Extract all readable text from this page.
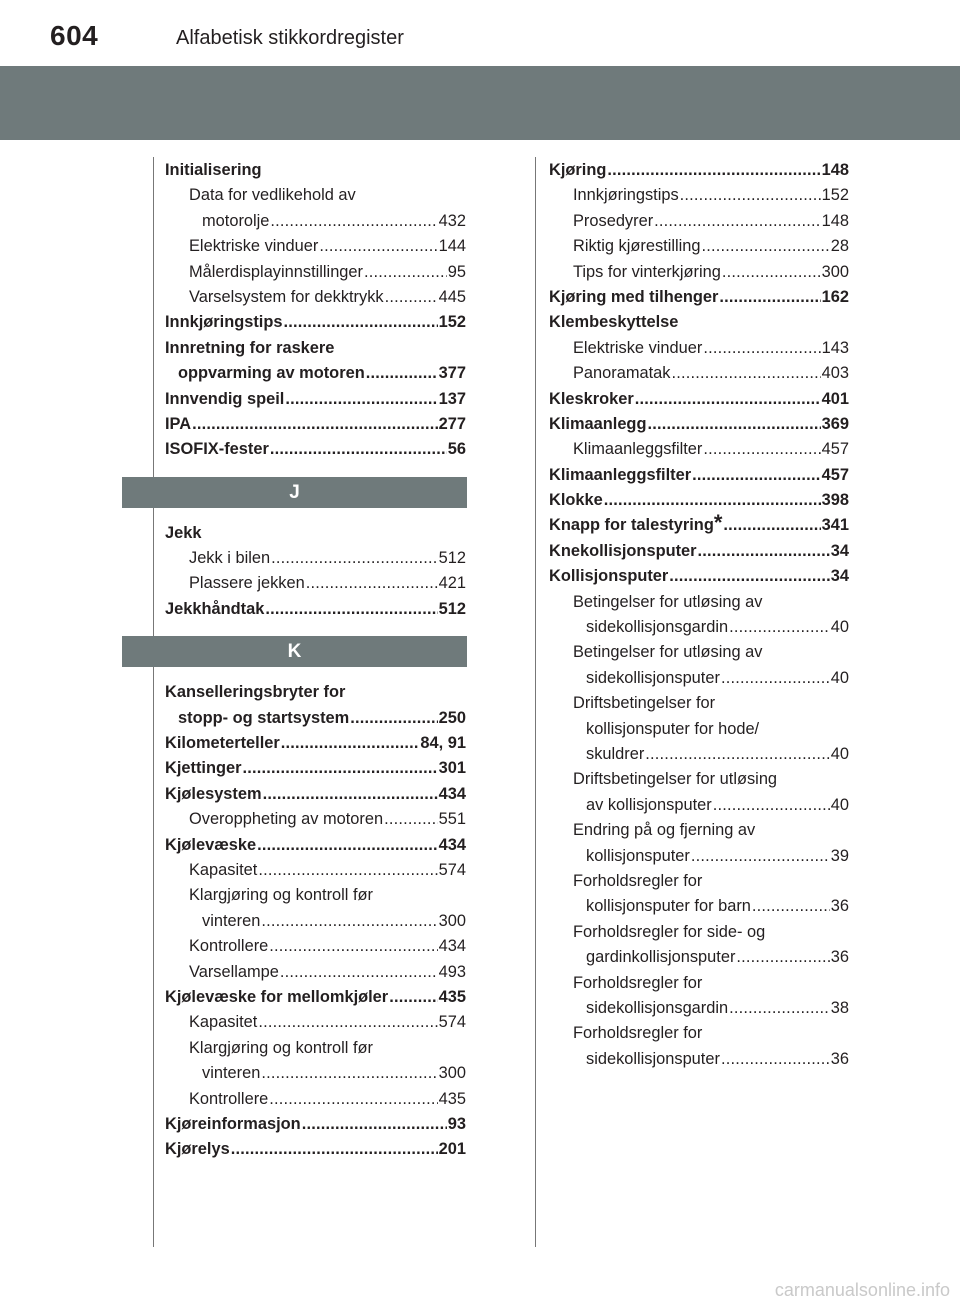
604	Alfabetisk stikkordregister
Initialisering
Data for vedlikehold av
motorolje .....	432
Elektriske vinduer .....	144
Målerdisplayinnstillinger .....	95
Varselsystem for dekktrykk .....	445
Innkjøringstips .....	152
Innretning for raskere
oppvarming av motoren .....	377
Innvendig speil .....	137
IPA .....	277
ISOFIX-fester .....	56
J
Jekk
Jekk i bilen .....	512
Plassere jekken .....	421
Jekkhåndtak .....	512
K
Kanselleringsbryter for
stopp- og startsystem .....	250
Kilometerteller .....	84, 91
Kjettinger .....	301
Kjølesystem .....	434
Overoppheting av motoren .....	551
Kjølevæske .....	434
Kapasitet .....	574
Klargjøring og kontroll før
vinteren .....	300
Kontrollere .....	434
Varsellampe .....	493
Kjølevæske for mellomkjøler .....	435
Kapasitet .....	574
Klargjøring og kontroll før
vinteren .....	300
Kontrollere .....	435
Kjøreinformasjon .....	93
Kjørelys .....	201
Kjøring .....	148
Innkjøringstips .....	152
Prosedyrer .....	148
Riktig kjørestilling .....	28
Tips for vinterkjøring .....	300
Kjøring med tilhenger .....	162
Klembeskyttelse
Elektriske vinduer .....	143
Panoramatak .....	403
Kleskroker .....	401
Klimaanlegg .....	369
Klimaanleggsfilter .....	457
Klimaanleggsfilter .....	457
Klokke .....	398
Knapp for talestyring * .....	341
Knekollisjonsputer .....	34
Kollisjonsputer .....	34
Betingelser for utløsing av
sidekollisjonsgardin .....	40
Betingelser for utløsing av
sidekollisjonsputer .....	40
Driftsbetingelser for
kollisjonsputer for hode/
skuldrer .....	40
Driftsbetingelser for utløsing
av kollisjonsputer .....	40
Endring på og fjerning av
kollisjonsputer .....	39
Forholdsregler for
kollisjonsputer for barn .....	36
Forholdsregler for side- og
gardinkollisjonsputer .....	36
Forholdsregler for
sidekollisjonsgardin .....	38
Forholdsregler for
sidekollisjonsputer .....	36
carmanualsonline.info
